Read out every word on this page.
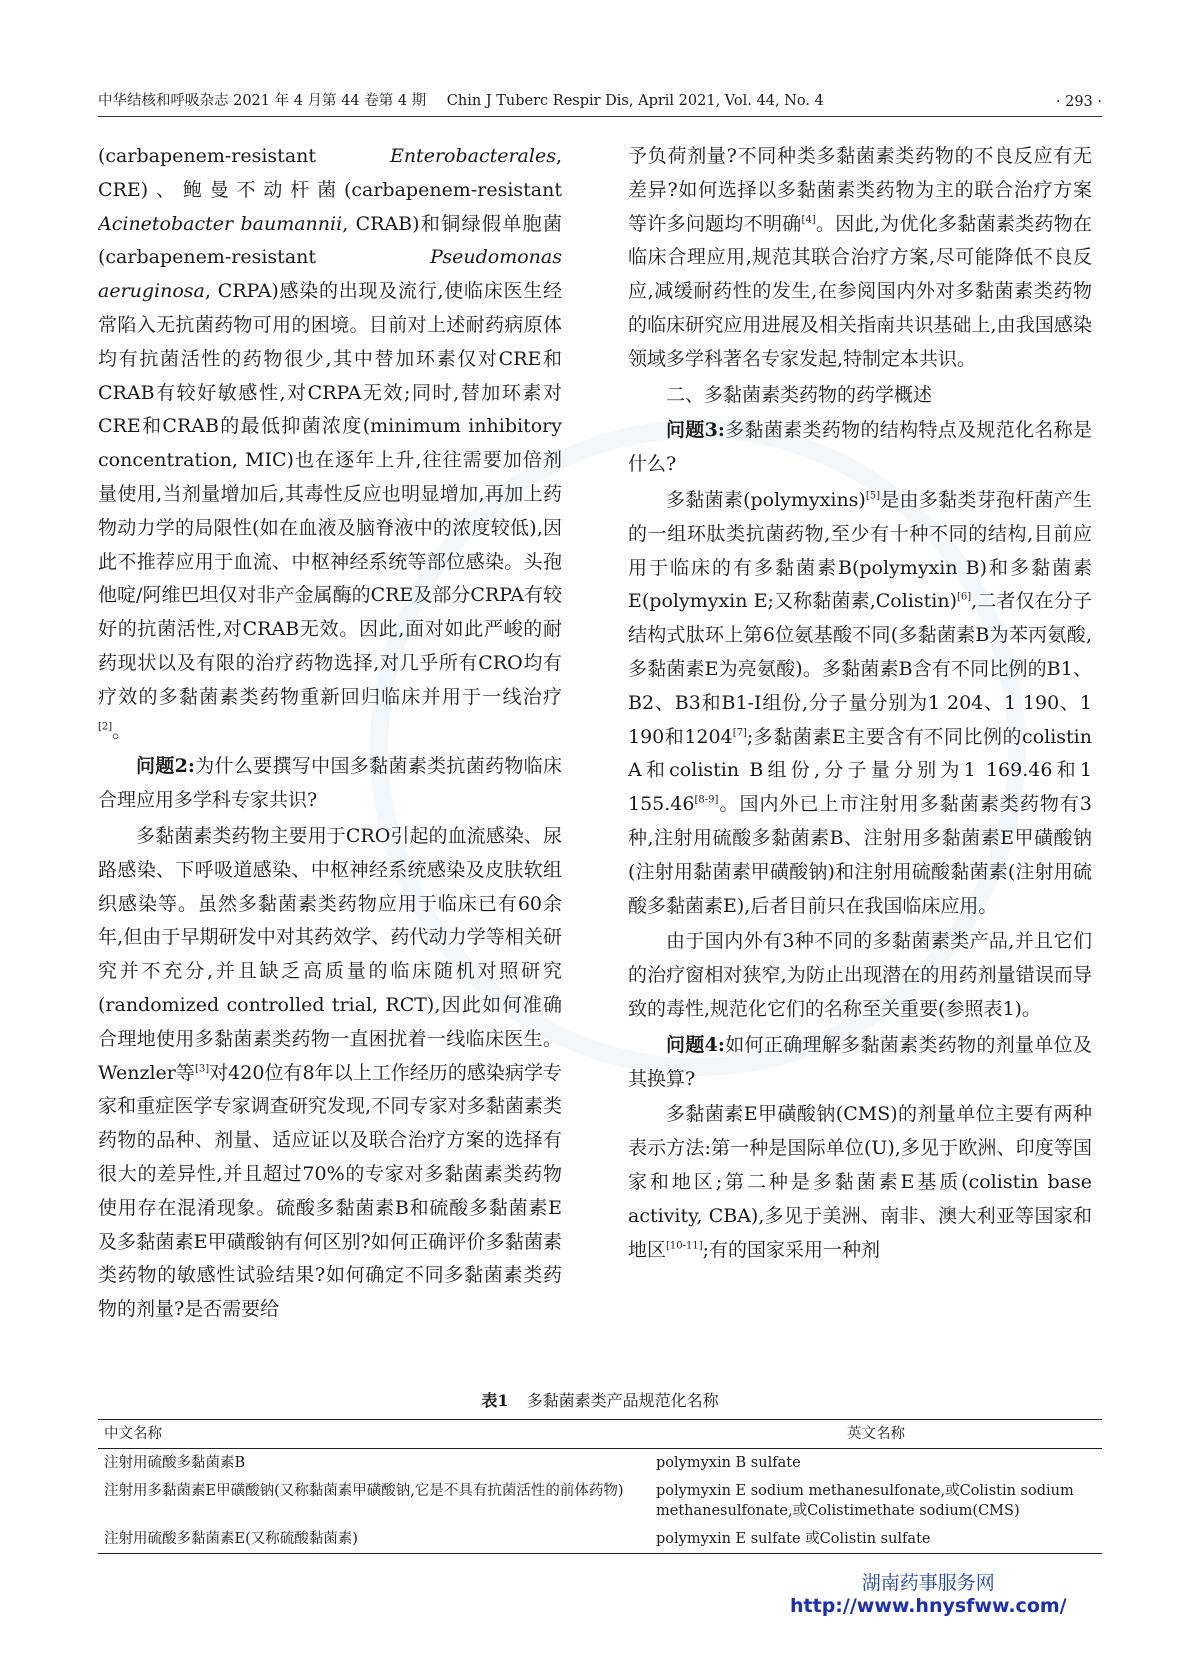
中华结核和呼吸杂志 2021 年 4 月第 44 卷第 4 期 Chin J Tuberc Respir Dis, April 2021, Vol. 44, No. 4	· 293 ·

(carbapenem-resistant Enterobacterales, CRE)、鲍曼不动杆菌(carbapenem-resistant Acinetobacter baumannii, CRAB)和铜绿假单胞菌(carbapenem-resistant Pseudomonas aeruginosa, CRPA)感染的出现及流行,使临床医生经常陷入无抗菌药物可用的困境。目前对上述耐药病原体均有抗菌活性的药物很少,其中替加环素仅对CRE和CRAB有较好敏感性,对CRPA无效;同时,替加环素对CRE和CRAB的最低抑菌浓度(minimum inhibitory concentration, MIC)也在逐年上升,往往需要加倍剂量使用,当剂量增加后,其毒性反应也明显增加,再加上药物动力学的局限性(如在血液及脑脊液中的浓度较低),因此不推荐应用于血流、中枢神经系统等部位感染。头孢他啶/阿维巴坦仅对非产金属酶的CRE及部分CRPA有较好的抗菌活性,对CRAB无效。因此,面对如此严峻的耐药现状以及有限的治疗药物选择,对几乎所有CRO均有疗效的多黏菌素类药物重新回归临床并用于一线治疗[2]。

问题2:为什么要撰写中国多黏菌素类抗菌药物临床合理应用多学科专家共识?

多黏菌素类药物主要用于CRO引起的血流感染、尿路感染、下呼吸道感染、中枢神经系统感染及皮肤软组织感染等。虽然多黏菌素类药物应用于临床已有60余年,但由于早期研发中对其药效学、药代动力学等相关研究并不充分,并且缺乏高质量的临床随机对照研究(randomized controlled trial, RCT),因此如何准确合理地使用多黏菌素类药物一直困扰着一线临床医生。Wenzler等[3]对420位有8年以上工作经历的感染病学专家和重症医学专家调查研究发现,不同专家对多黏菌素类药物的品种、剂量、适应证以及联合治疗方案的选择有很大的差异性,并且超过70%的专家对多黏菌素类药物使用存在混淆现象。硫酸多黏菌素B和硫酸多黏菌素E及多黏菌素E甲磺酸钠有何区别?如何正确评价多黏菌素类药物的敏感性试验结果?如何确定不同多黏菌素类药物的剂量?是否需要给

予负荷剂量?不同种类多黏菌素类药物的不良反应有无差异?如何选择以多黏菌素类药物为主的联合治疗方案等许多问题均不明确[4]。因此,为优化多黏菌素类药物在临床合理应用,规范其联合治疗方案,尽可能降低不良反应,减缓耐药性的发生,在参阅国内外对多黏菌素类药物的临床研究应用进展及相关指南共识基础上,由我国感染领域多学科著名专家发起,特制定本共识。

二、多黏菌素类药物的药学概述

问题3:多黏菌素类药物的结构特点及规范化名称是什么?

多黏菌素(polymyxins)[5]是由多黏类芽孢杆菌产生的一组环肽类抗菌药物,至少有十种不同的结构,目前应用于临床的有多黏菌素B(polymyxin B)和多黏菌素E(polymyxin E;又称黏菌素,Colistin)[6],二者仅在分子结构式肽环上第6位氨基酸不同(多黏菌素B为苯丙氨酸,多黏菌素E为亮氨酸)。多黏菌素B含有不同比例的B1、B2、B3和B1-I组份,分子量分别为1 204、1 190、1 190和1204[7];多黏菌素E主要含有不同比例的colistin A和colistin B组份,分子量分别为1 169.46和1 155.46[8-9]。国内外已上市注射用多黏菌素类药物有3种,注射用硫酸多黏菌素B、注射用多黏菌素E甲磺酸钠(注射用黏菌素甲磺酸钠)和注射用硫酸黏菌素(注射用硫酸多黏菌素E),后者目前只在我国临床应用。

由于国内外有3种不同的多黏菌素类产品,并且它们的治疗窗相对狭窄,为防止出现潜在的用药剂量错误而导致的毒性,规范化它们的名称至关重要(参照表1)。

问题4:如何正确理解多黏菌素类药物的剂量单位及其换算?

多黏菌素E甲磺酸钠(CMS)的剂量单位主要有两种表示方法:第一种是国际单位(U),多见于欧洲、印度等国家和地区;第二种是多黏菌素E基质(colistin base activity, CBA),多见于美洲、南非、澳大利亚等国家和地区[10-11];有的国家采用一种剂

表1 多黏菌素类产品规范化名称
中文名称	英文名称
注射用硫酸多黏菌素B	polymyxin B sulfate
注射用多黏菌素E甲磺酸钠(又称黏菌素甲磺酸钠,它是不具有抗菌活性的前体药物)	polymyxin E sodium methanesulfonate,或Colistin sodium methanesulfonate,或Colistimethate sodium(CMS)
注射用硫酸多黏菌素E(又称硫酸黏菌素)	polymyxin E sulfate 或Colistin sulfate
湖南药事服务网
http://www.hnysfww.com/
